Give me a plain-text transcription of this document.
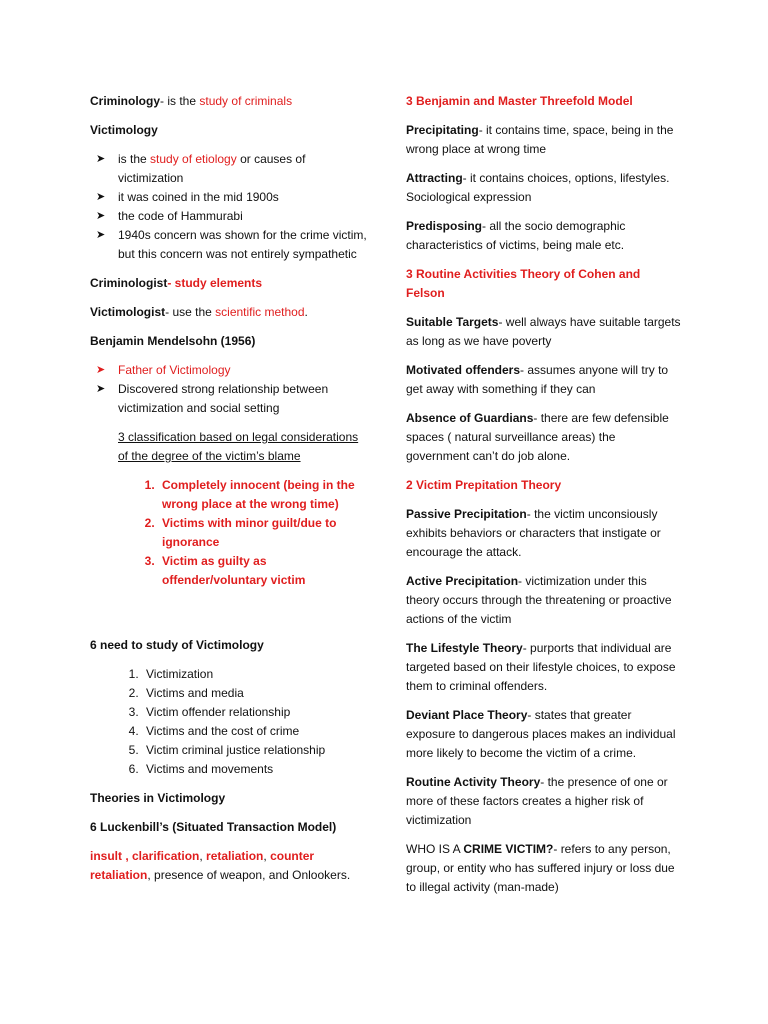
Criminology- is the study of criminals

Victimology

➤ is the study of etiology or causes of victimization
➤ it was coined in the mid 1900s
➤ the code of Hammurabi
➤ 1940s concern was shown for the crime victim, but this concern was not entirely sympathetic

Criminologist- study elements

Victimologist- use the scientific method.

Benjamin Mendelsohn (1956)

➤ Father of Victimology
➤ Discovered strong relationship between victimization and social setting

3 classification based on legal considerations of the degree of the victim’s blame

1. Completely innocent (being in the wrong place at the wrong time)
2. Victims with minor guilt/due to ignorance
3. Victim as guilty as offender/voluntary victim

6 need to study of Victimology

1. Victimization
2. Victims and media
3. Victim offender relationship
4. Victims and the cost of crime
5. Victim criminal justice relationship
6. Victims and movements

Theories in Victimology

6 Luckenbill’s (Situated Transaction Model)

insult , clarification, retaliation, counter retaliation, presence of weapon, and Onlookers.

3 Benjamin and Master Threefold Model

Precipitating- it contains time, space, being in the wrong place at wrong time

Attracting- it contains choices, options, lifestyles. Sociological expression

Predisposing- all the socio demographic characteristics of victims, being male etc.

3 Routine Activities Theory of Cohen and Felson

Suitable Targets- well always have suitable targets as long as we have poverty

Motivated offenders- assumes anyone will try to get away with something if they can

Absence of Guardians- there are few defensible spaces ( natural surveillance areas) the government can’t do job alone.

2 Victim Prepitation Theory

Passive Precipitation- the victim unconsiously exhibits behaviors or characters that instigate or encourage the attack.

Active Precipitation- victimization under this theory occurs through the threatening or proactive actions of the victim

The Lifestyle Theory- purports that individual are targeted based on their lifestyle choices, to expose them to criminal offenders.

Deviant Place Theory- states that greater exposure to dangerous places makes an individual more likely to become the victim of a crime.

Routine Activity Theory- the presence of one or more of these factors creates a higher risk of victimization

WHO IS A CRIME VICTIM?- refers to any person, group, or entity who has suffered injury or loss due to illegal activity (man-made)
